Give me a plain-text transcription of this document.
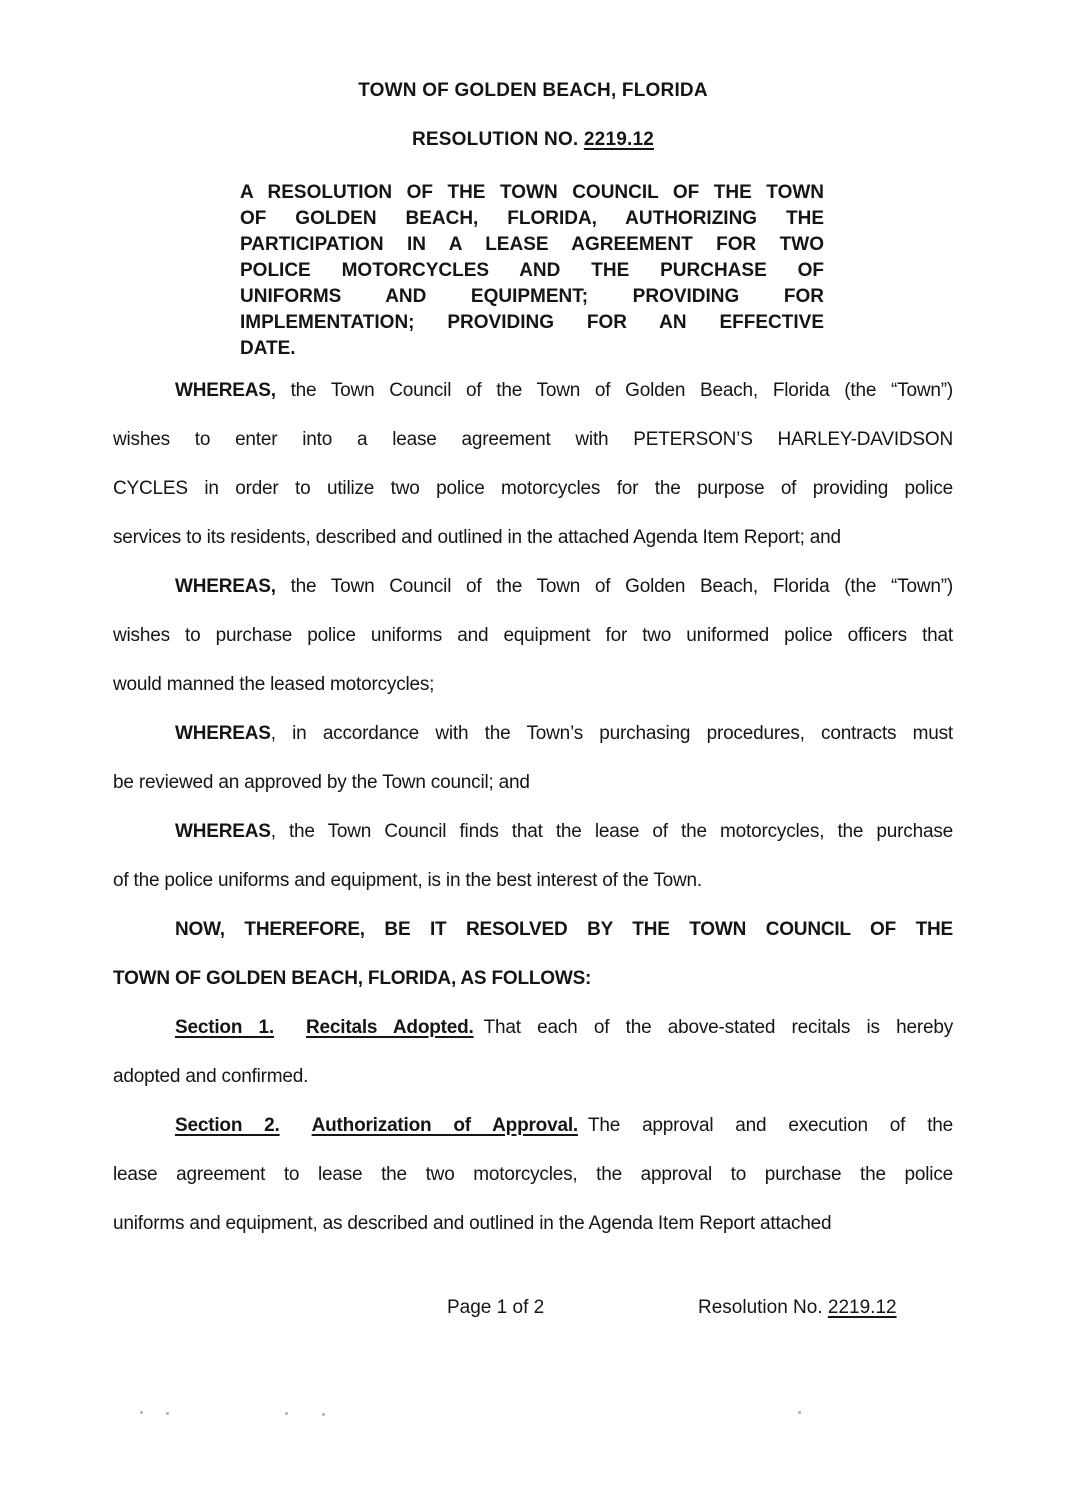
TOWN OF GOLDEN BEACH, FLORIDA
RESOLUTION NO. 2219.12
A RESOLUTION OF THE TOWN COUNCIL OF THE TOWN
OF GOLDEN BEACH, FLORIDA, AUTHORIZING THE
PARTICIPATION IN A LEASE AGREEMENT FOR TWO
POLICE MOTORCYCLES AND THE PURCHASE OF
UNIFORMS AND EQUIPMENT; PROVIDING FOR
IMPLEMENTATION; PROVIDING FOR AN EFFECTIVE
DATE.
WHEREAS, the Town Council of the Town of Golden Beach, Florida (the “Town”)
wishes to enter into a lease agreement with PETERSON’S HARLEY-DAVIDSON
CYCLES in order to utilize two police motorcycles for the purpose of providing police
services to its residents, described and outlined in the attached Agenda Item Report; and
WHEREAS, the Town Council of the Town of Golden Beach, Florida (the “Town”)
wishes to purchase police uniforms and equipment for two uniformed police officers that
would manned the leased motorcycles;
WHEREAS, in accordance with the Town’s purchasing procedures, contracts must
be reviewed an approved by the Town council; and
WHEREAS, the Town Council finds that the lease of the motorcycles, the purchase
of the police uniforms and equipment, is in the best interest of the Town.
NOW, THEREFORE, BE IT RESOLVED BY THE TOWN COUNCIL OF THE
TOWN OF GOLDEN BEACH, FLORIDA, AS FOLLOWS:
Section 1. Recitals Adopted. That each of the above-stated recitals is hereby
adopted and confirmed.
Section 2. Authorization of Approval. The approval and execution of the
lease agreement to lease the two motorcycles, the approval to purchase the police
uniforms and equipment, as described and outlined in the Agenda Item Report attached
Page 1 of 2	Resolution No. 2219.12
